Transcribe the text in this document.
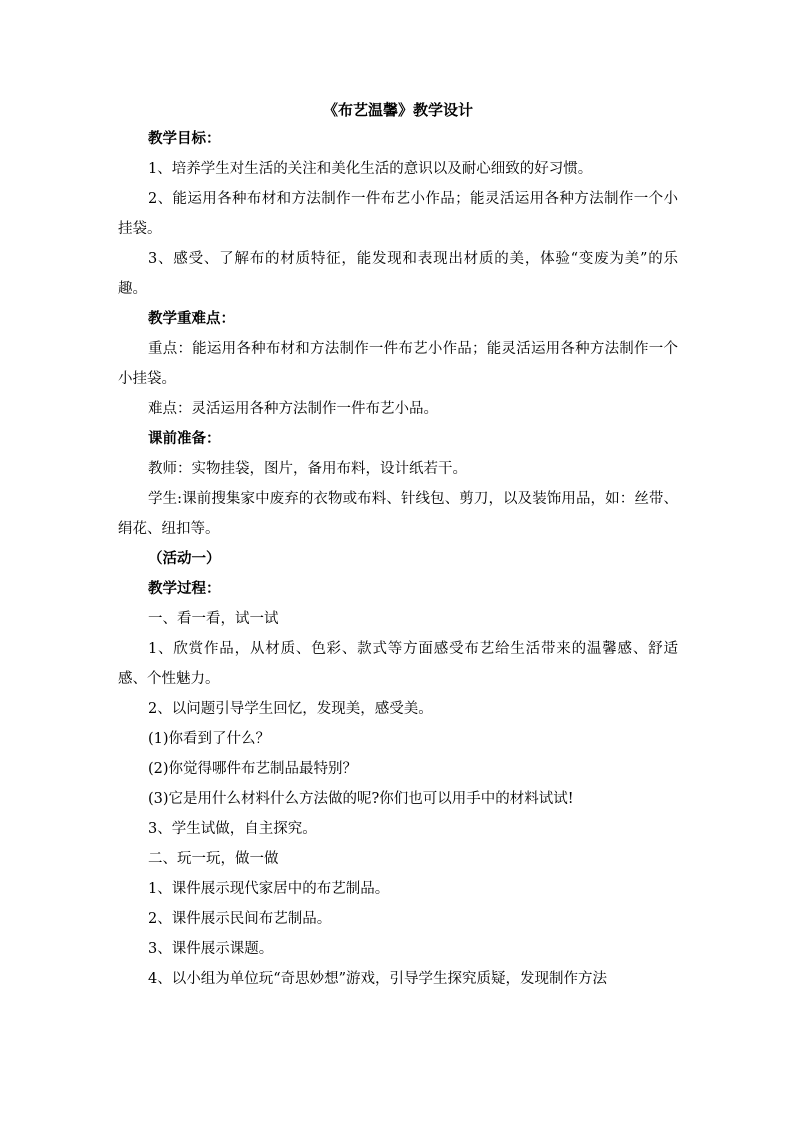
《布艺温馨》教学设计

教学目标：

1、培养学生对生活的关注和美化生活的意识以及耐心细致的好习惯。

2、能运用各种布材和方法制作一件布艺小作品；能灵活运用各种方法制作一个小挂袋。

3、感受、了解布的材质特征，能发现和表现出材质的美，体验“变废为美”的乐趣。

教学重难点：

重点：能运用各种布材和方法制作一件布艺小作品；能灵活运用各种方法制作一个小挂袋。

难点：灵活运用各种方法制作一件布艺小品。

课前准备：

教师：实物挂袋，图片，备用布料，设计纸若干。

学生:课前搜集家中废弃的衣物或布料、针线包、剪刀，以及装饰用品，如：丝带、绢花、纽扣等。

（活动一）

教学过程：

一、看一看，试一试

1、欣赏作品，从材质、色彩、款式等方面感受布艺给生活带来的温馨感、舒适感、个性魅力。

2、以问题引导学生回忆，发现美，感受美。

(1)你看到了什么？

(2)你觉得哪件布艺制品最特别？

(3)它是用什么材料什么方法做的呢?你们也可以用手中的材料试试!

3、学生试做，自主探究。

二、玩一玩，做一做

1、课件展示现代家居中的布艺制品。

2、课件展示民间布艺制品。

3、课件展示课题。

4、以小组为单位玩“奇思妙想”游戏，引导学生探究质疑，发现制作方法
